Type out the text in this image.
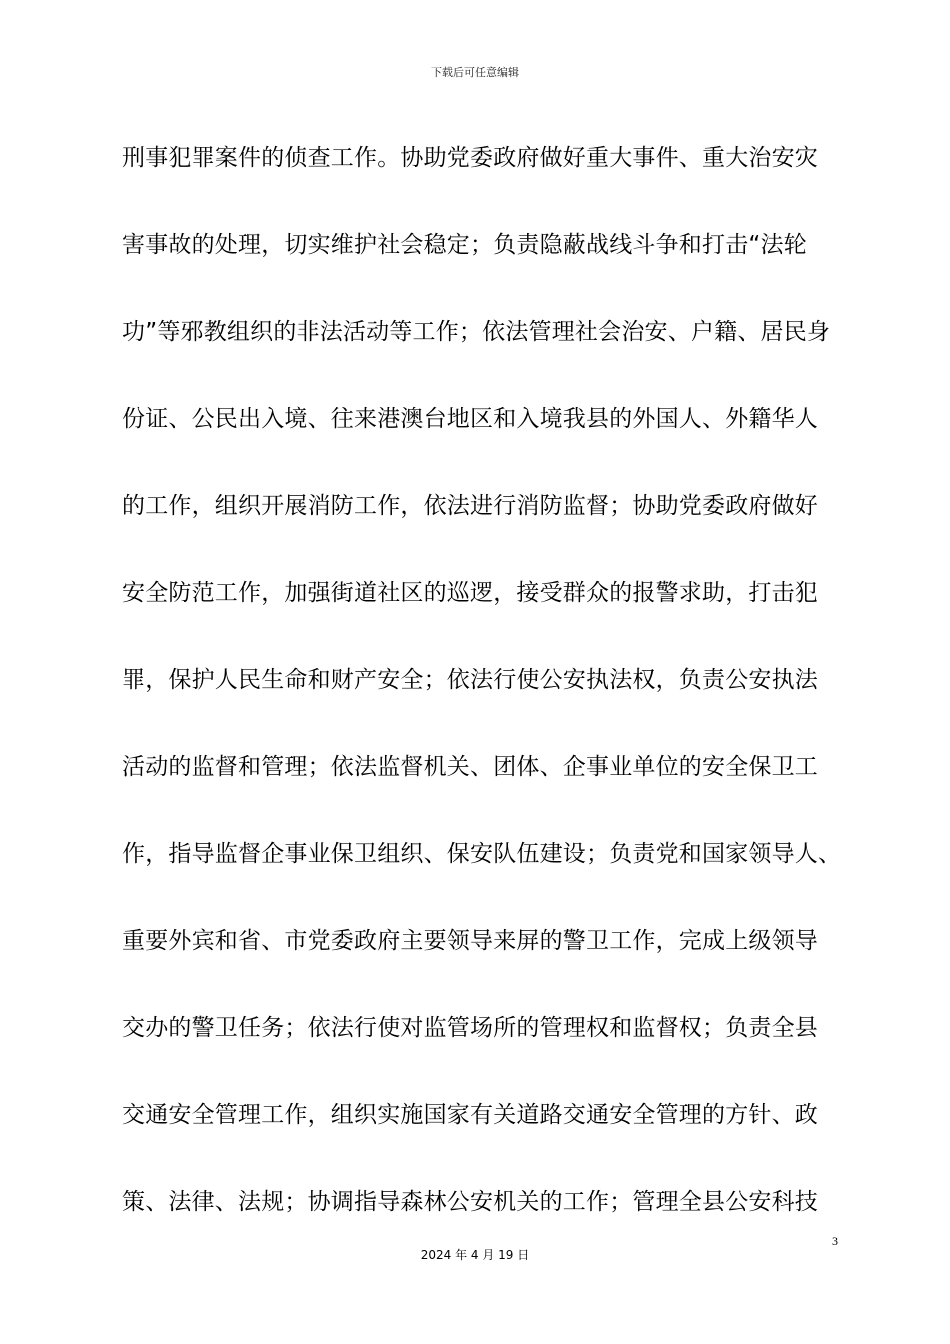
下载后可任意编辑
刑事犯罪案件的侦查工作。协助党委政府做好重大事件、重大治安灾
害事故的处理，切实维护社会稳定；负责隐蔽战线斗争和打击“法轮
功”等邪教组织的非法活动等工作；依法管理社会治安、户籍、居民身
份证、公民出入境、往来港澳台地区和入境我县的外国人、外籍华人
的工作，组织开展消防工作，依法进行消防监督；协助党委政府做好
安全防范工作，加强街道社区的巡逻，接受群众的报警求助，打击犯
罪，保护人民生命和财产安全；依法行使公安执法权，负责公安执法
活动的监督和管理；依法监督机关、团体、企事业单位的安全保卫工
作，指导监督企事业保卫组织、保安队伍建设；负责党和国家领导人、
重要外宾和省、市党委政府主要领导来屏的警卫工作，完成上级领导
交办的警卫任务；依法行使对监管场所的管理权和监督权；负责全县
交通安全管理工作，组织实施国家有关道路交通安全管理的方针、政
策、法律、法规；协调指导森林公安机关的工作；管理全县公安科技
3
2024 年 4 月 19 日
